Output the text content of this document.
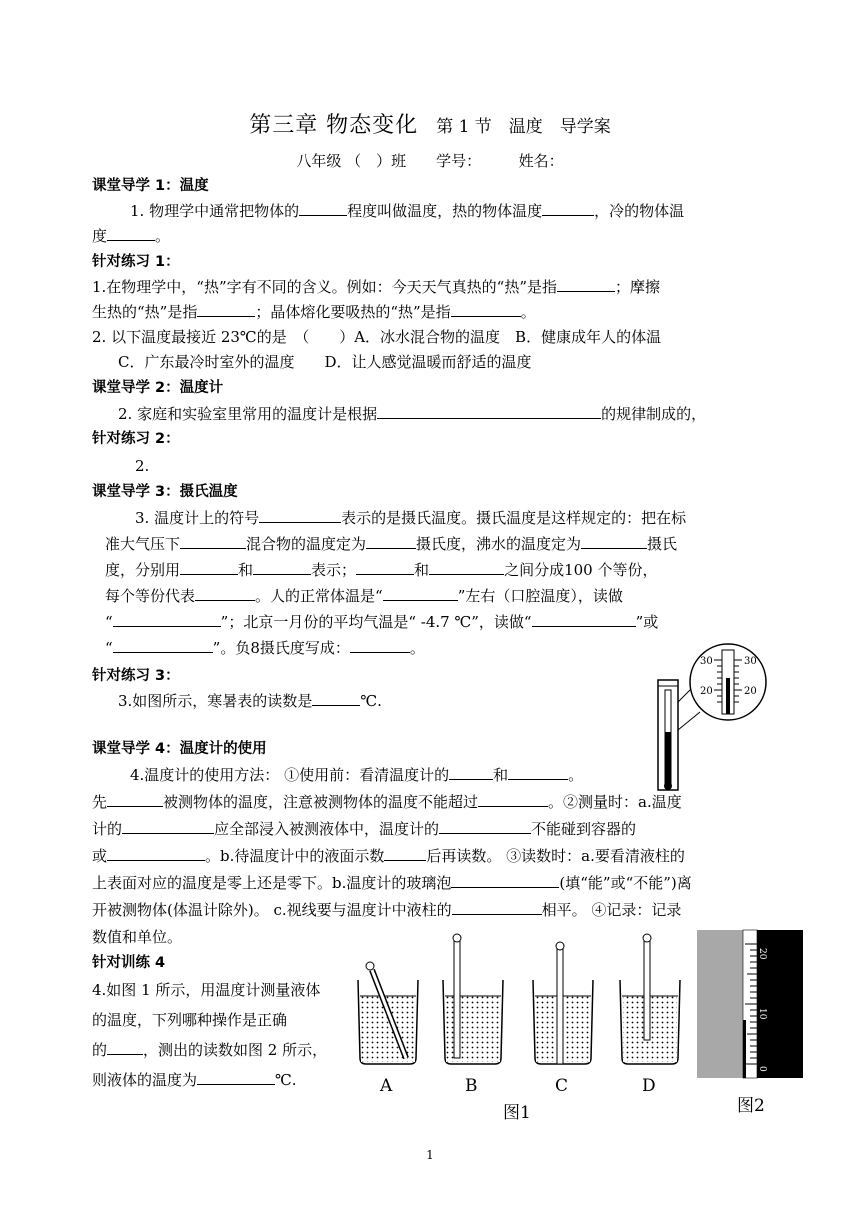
第三章 物态变化 第 1 节　温度　导学案
八年级 （　）班　　学号：　　　姓名：
课堂导学 1：温度
1. 物理学中通常把物体的	程度叫做温度，热的物体温度	，冷的物体温
度	。
针对练习 1：
1.在物理学中，“热”字有不同的含义。例如：今天天气真热的“热”是指	；摩擦
生热的“热”是指	；晶体熔化要吸热的“热”是指	。
2. 以下温度最接近 23℃的是　（　　）A．冰水混合物的温度　B．健康成年人的体温
C．广东最冷时室外的温度　　D．让人感觉温暖而舒适的温度
课堂导学 2：温度计
2. 家庭和实验室里常用的温度计是根据	的规律制成的，
针对练习 2：
2.
课堂导学 3：摄氏温度
3. 温度计上的符号	表示的是摄氏温度。摄氏温度是这样规定的：把在标
准大气压下	混合物的温度定为	摄氏度，沸水的温度定为	摄氏
度，分别用	和	表示；	和	之间分成100 个等份，
每个等份代表	。人的正常体温是“	”左右（口腔温度），读做
“	”；北京一月份的平均气温是“ -4.7 ℃”，读做“	”或
“	”。负8摄氏度写成：	。
针对练习 3：
3.如图所示，寒暑表的读数是	℃.
30	30
20	20
课堂导学 4：温度计的使用
4.温度计的使用方法： ①使用前：看清温度计的	和	。
先	被测物体的温度，注意被测物体的温度不能超过	。②测量时：a.温度
计的	应全部浸入被测液体中，温度计的	不能碰到容器的
或	。b.待温度计中的液面示数	后再读数。 ③读数时：a.要看清液柱的
上表面对应的温度是零上还是零下。b.温度计的玻璃泡	(填“能”或“不能”)离
开被测物体(体温计除外)。 c.视线要与温度计中液柱的	相平。 ④记录：记录
数值和单位。
针对训练 4
4.如图 1 所示，用温度计测量液体
的温度，下列哪种操作是正确
的 ，测出的读数如图 2 所示，
则液体的温度为	℃.	A	B	C	D
图1
20
10
0
图2
1
